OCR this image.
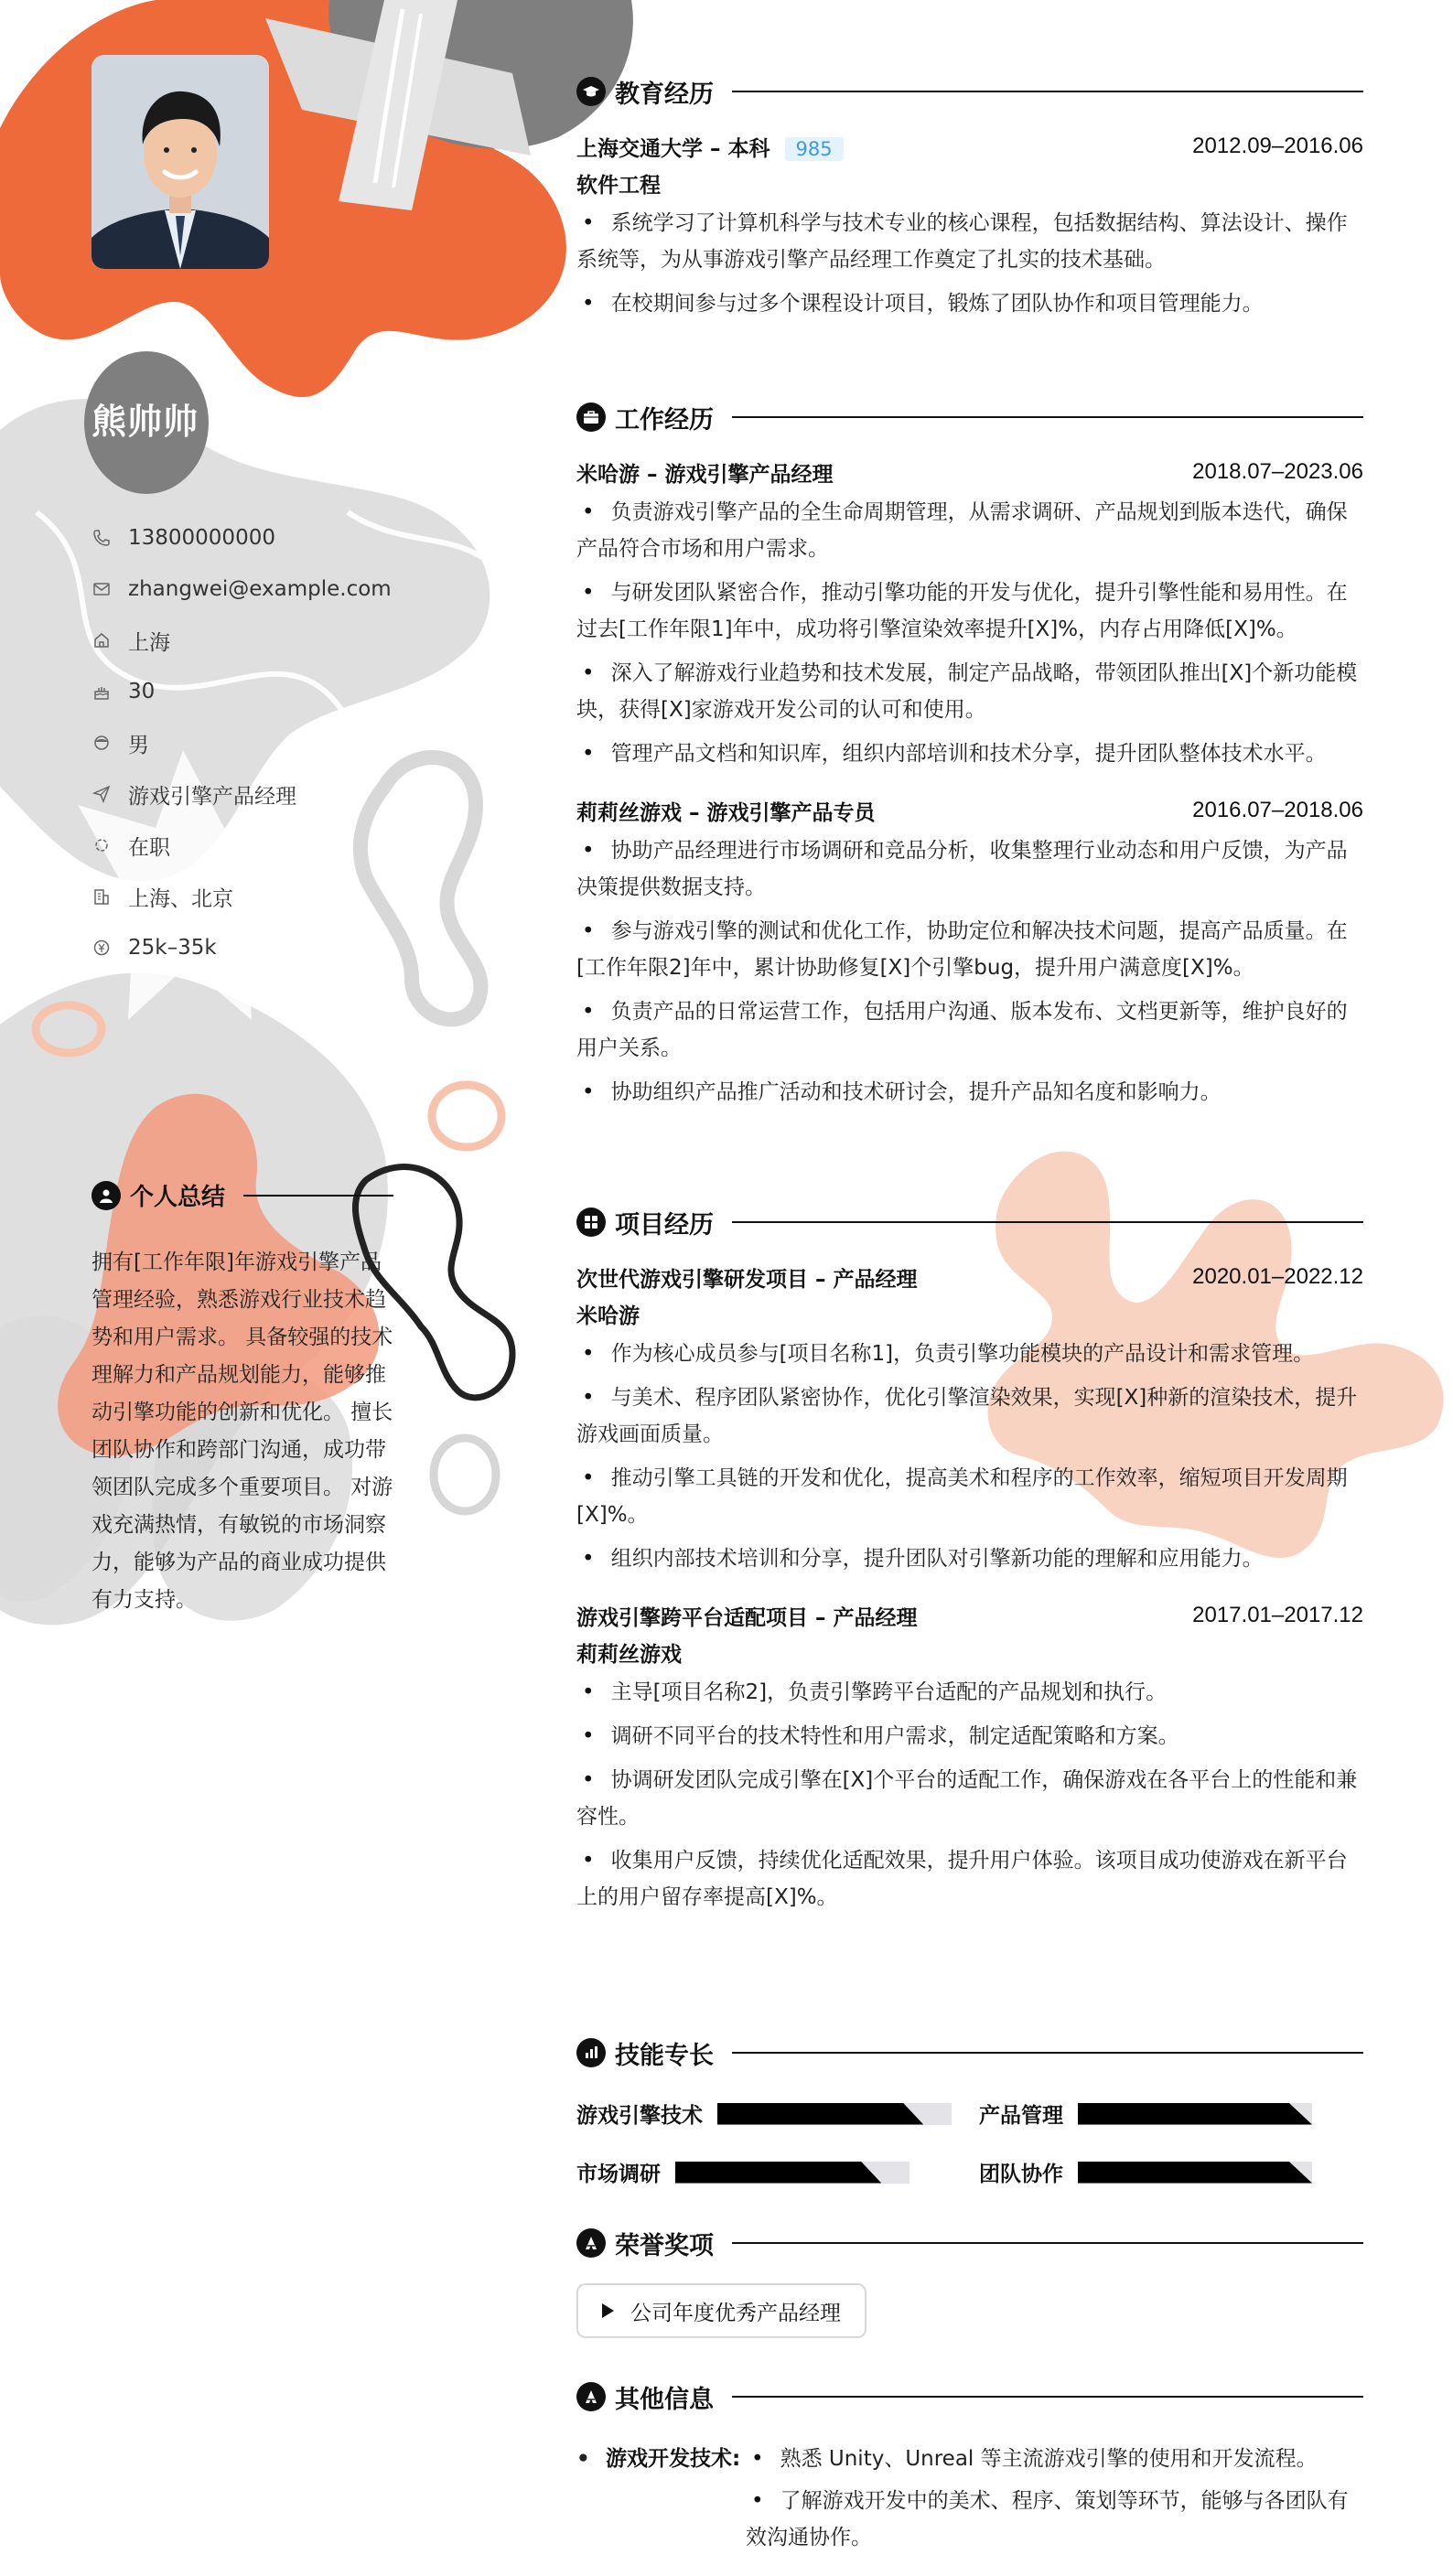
熊帅帅
13800000000
zhangwei@example.com
上海
30
男
游戏引擎产品经理
在职
上海、北京
25k–35k
个人总结
拥有[工作年限]年游戏引擎产品管理经验，熟悉游戏行业技术趋势和用户需求。 具备较强的技术理解力和产品规划能力，能够推动引擎功能的创新和优化。 擅长团队协作和跨部门沟通，成功带领团队完成多个重要项目。 对游戏充满热情，有敏锐的市场洞察力，能够为产品的商业成功提供有力支持。
教育经历
上海交通大学 – 本科 985	2012.09–2016.06
软件工程
• 系统学习了计算机科学与技术专业的核心课程，包括数据结构、算法设计、操作系统等，为从事游戏引擎产品经理工作奠定了扎实的技术基础。
• 在校期间参与过多个课程设计项目，锻炼了团队协作和项目管理能力。
工作经历
米哈游 – 游戏引擎产品经理	2018.07–2023.06
• 负责游戏引擎产品的全生命周期管理，从需求调研、产品规划到版本迭代，确保产品符合市场和用户需求。
• 与研发团队紧密合作，推动引擎功能的开发与优化，提升引擎性能和易用性。在过去[工作年限1]年中，成功将引擎渲染效率提升[X]%，内存占用降低[X]%。
• 深入了解游戏行业趋势和技术发展，制定产品战略，带领团队推出[X]个新功能模块，获得[X]家游戏开发公司的认可和使用。
• 管理产品文档和知识库，组织内部培训和技术分享，提升团队整体技术水平。
莉莉丝游戏 – 游戏引擎产品专员	2016.07–2018.06
• 协助产品经理进行市场调研和竞品分析，收集整理行业动态和用户反馈，为产品决策提供数据支持。
• 参与游戏引擎的测试和优化工作，协助定位和解决技术问题，提高产品质量。在[工作年限2]年中，累计协助修复[X]个引擎bug，提升用户满意度[X]%。
• 负责产品的日常运营工作，包括用户沟通、版本发布、文档更新等，维护良好的用户关系。
• 协助组织产品推广活动和技术研讨会，提升产品知名度和影响力。
项目经历
次世代游戏引擎研发项目 – 产品经理	2020.01–2022.12
米哈游
• 作为核心成员参与[项目名称1]，负责引擎功能模块的产品设计和需求管理。
• 与美术、程序团队紧密协作，优化引擎渲染效果，实现[X]种新的渲染技术，提升游戏画面质量。
• 推动引擎工具链的开发和优化，提高美术和程序的工作效率，缩短项目开发周期[X]%。
• 组织内部技术培训和分享，提升团队对引擎新功能的理解和应用能力。
游戏引擎跨平台适配项目 – 产品经理	2017.01–2017.12
莉莉丝游戏
• 主导[项目名称2]，负责引擎跨平台适配的产品规划和执行。
• 调研不同平台的技术特性和用户需求，制定适配策略和方案。
• 协调研发团队完成引擎在[X]个平台的适配工作，确保游戏在各平台上的性能和兼容性。
• 收集用户反馈，持续优化适配效果，提升用户体验。该项目成功使游戏在新平台上的用户留存率提高[X]%。
技能专长
游戏引擎技术	产品管理
市场调研	团队协作
荣誉奖项
公司年度优秀产品经理
其他信息
• 游戏开发技术:
•	熟悉 Unity、Unreal 等主流游戏引擎的使用和开发流程。
• 了解游戏开发中的美术、程序、策划等环节，能够与各团队有效沟通协作。
